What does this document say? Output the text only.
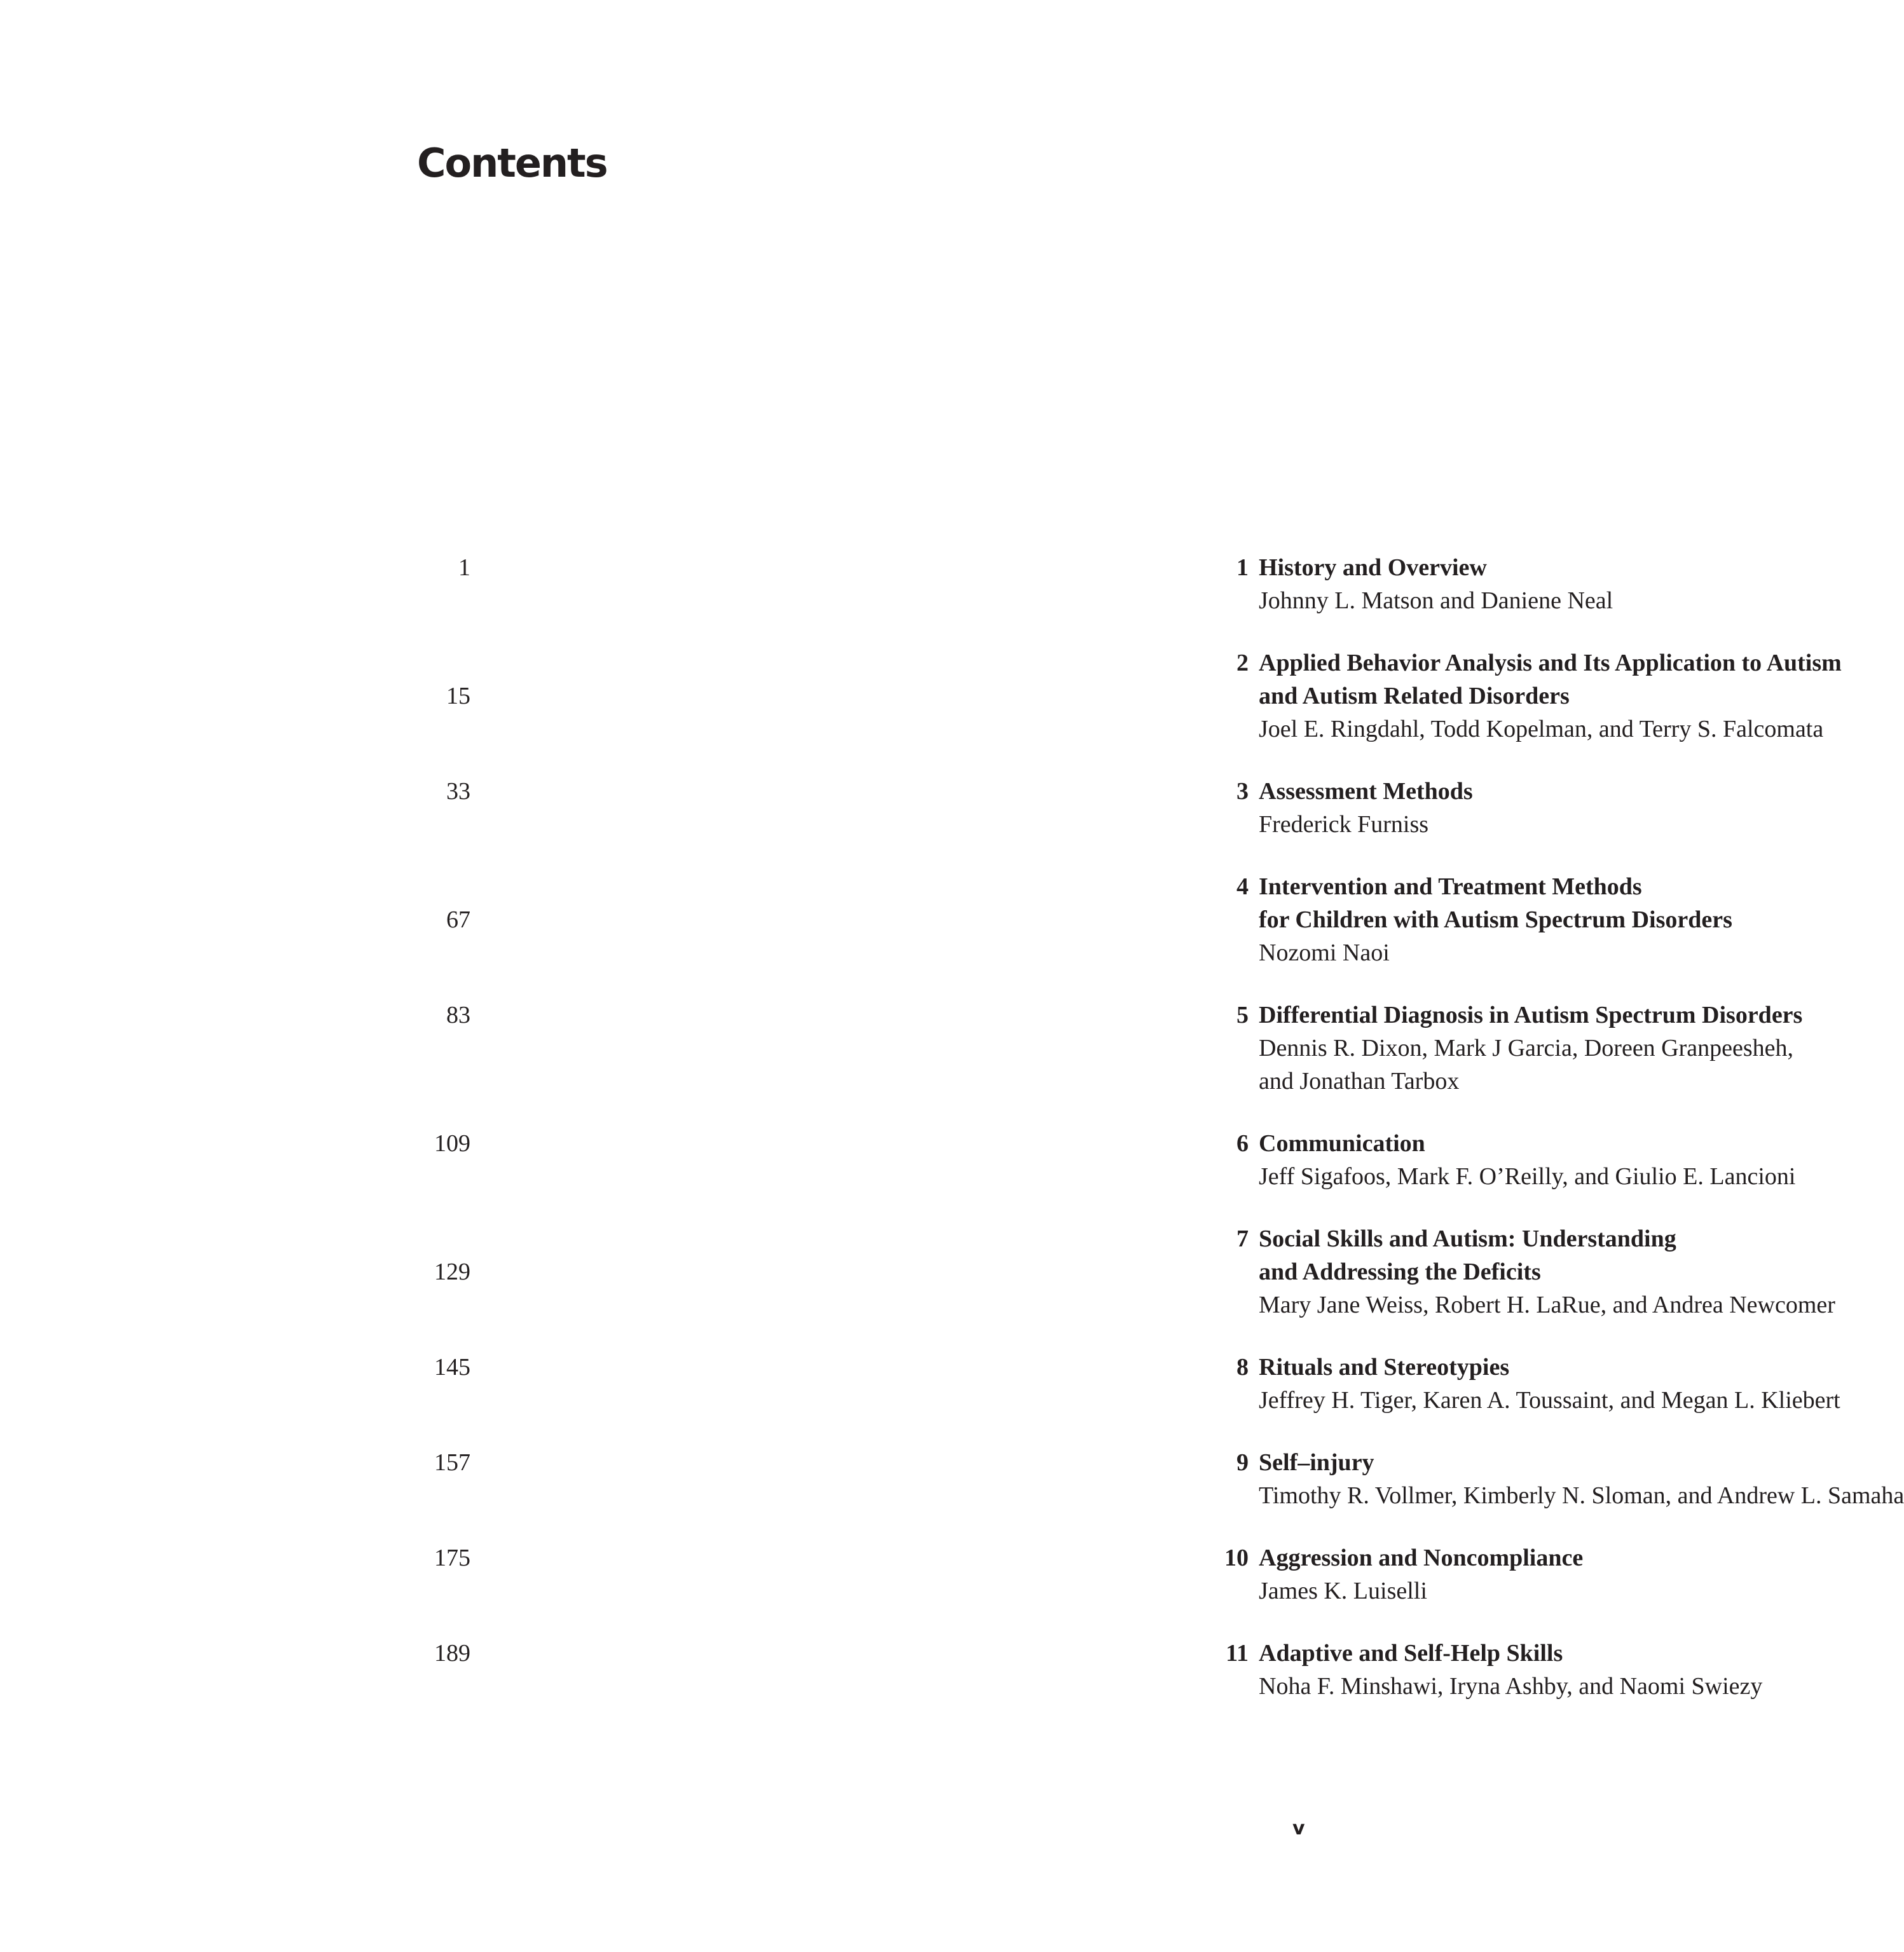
Contents
1 History and Overview
Johnny L. Matson and Daniene Neal
1
2 Applied Behavior Analysis and Its Application to Autism
and Autism Related Disorders
Joel E. Ringdahl, Todd Kopelman, and Terry S. Falcomata
15
3 Assessment Methods
Frederick Furniss
33
4 Intervention and Treatment Methods
for Children with Autism Spectrum Disorders
Nozomi Naoi
67
5 Differential Diagnosis in Autism Spectrum Disorders
Dennis R. Dixon, Mark J Garcia, Doreen Granpeesheh,
and Jonathan Tarbox
83
6 Communication
Jeff Sigafoos, Mark F. O’Reilly, and Giulio E. Lancioni
109
7 Social Skills and Autism: Understanding
and Addressing the Deficits
Mary Jane Weiss, Robert H. LaRue, and Andrea Newcomer
129
8 Rituals and Stereotypies
Jeffrey H. Tiger, Karen A. Toussaint, and Megan L. Kliebert
145
9 Self–injury
Timothy R. Vollmer, Kimberly N. Sloman, and Andrew L. Samaha
157
10 Aggression and Noncompliance
James K. Luiselli
175
11 Adaptive and Self-Help Skills
Noha F. Minshawi, Iryna Ashby, and Naomi Swiezy
189
v
